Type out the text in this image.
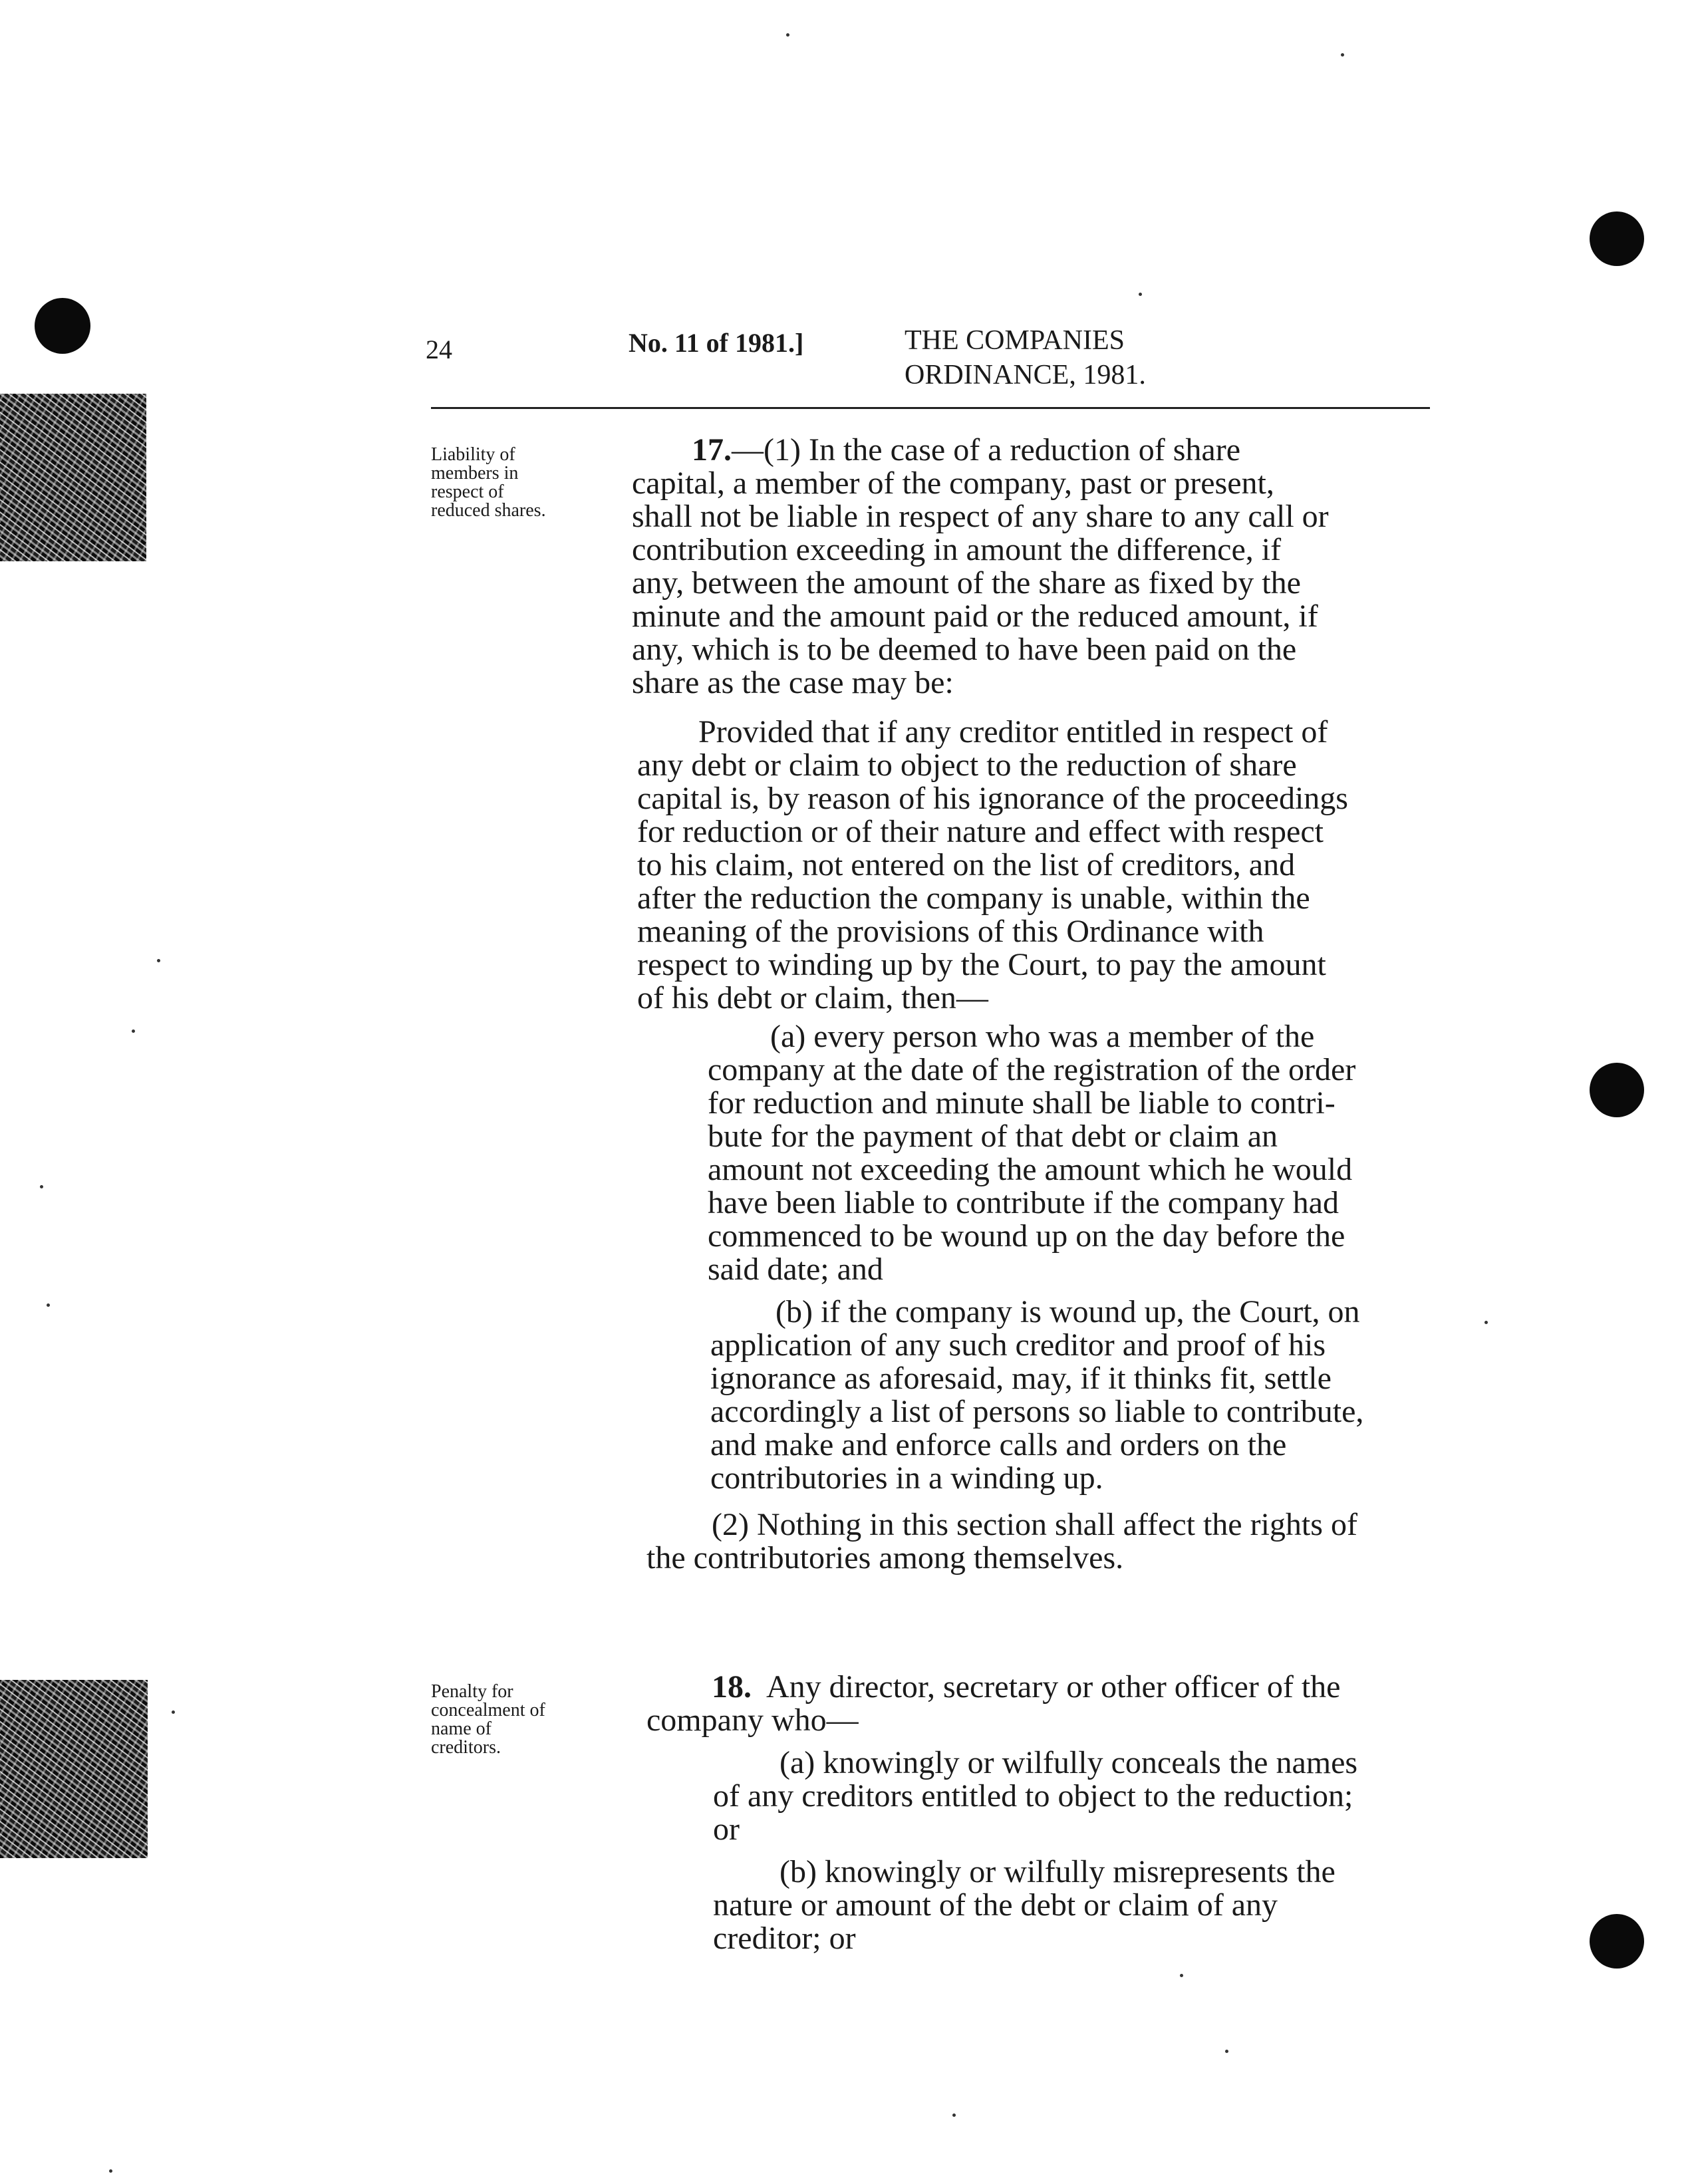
24	No. 11 of 1981.]	THE COMPANIES
ORDINANCE, 1981.
Liability of
members in
respect of
reduced shares.
Penalty for
concealment of
name of
creditors.
17.—(1) In the case of a reduction of share
capital, a member of the company, past or present,
shall not be liable in respect of any share to any call or
contribution exceeding in amount the difference, if
any, between the amount of the share as fixed by the
minute and the amount paid or the reduced amount, if
any, which is to be deemed to have been paid on the
share as the case may be:
Provided that if any creditor entitled in respect of
any debt or claim to object to the reduction of share
capital is, by reason of his ignorance of the proceedings
for reduction or of their nature and effect with respect
to his claim, not entered on the list of creditors, and
after the reduction the company is unable, within the
meaning of the provisions of this Ordinance with
respect to winding up by the Court, to pay the amount
of his debt or claim, then—
(a) every person who was a member of the
company at the date of the registration of the order
for reduction and minute shall be liable to contri-
bute for the payment of that debt or claim an
amount not exceeding the amount which he would
have been liable to contribute if the company had
commenced to be wound up on the day before the
said date; and
(b) if the company is wound up, the Court, on
application of any such creditor and proof of his
ignorance as aforesaid, may, if it thinks fit, settle
accordingly a list of persons so liable to contribute,
and make and enforce calls and orders on the
contributories in a winding up.
(2) Nothing in this section shall affect the rights of
the contributories among themselves.
18. Any director, secretary or other officer of the
company who—
(a) knowingly or wilfully conceals the names
of any creditors entitled to object to the reduction;
or
(b) knowingly or wilfully misrepresents the
nature or amount of the debt or claim of any
creditor; or
